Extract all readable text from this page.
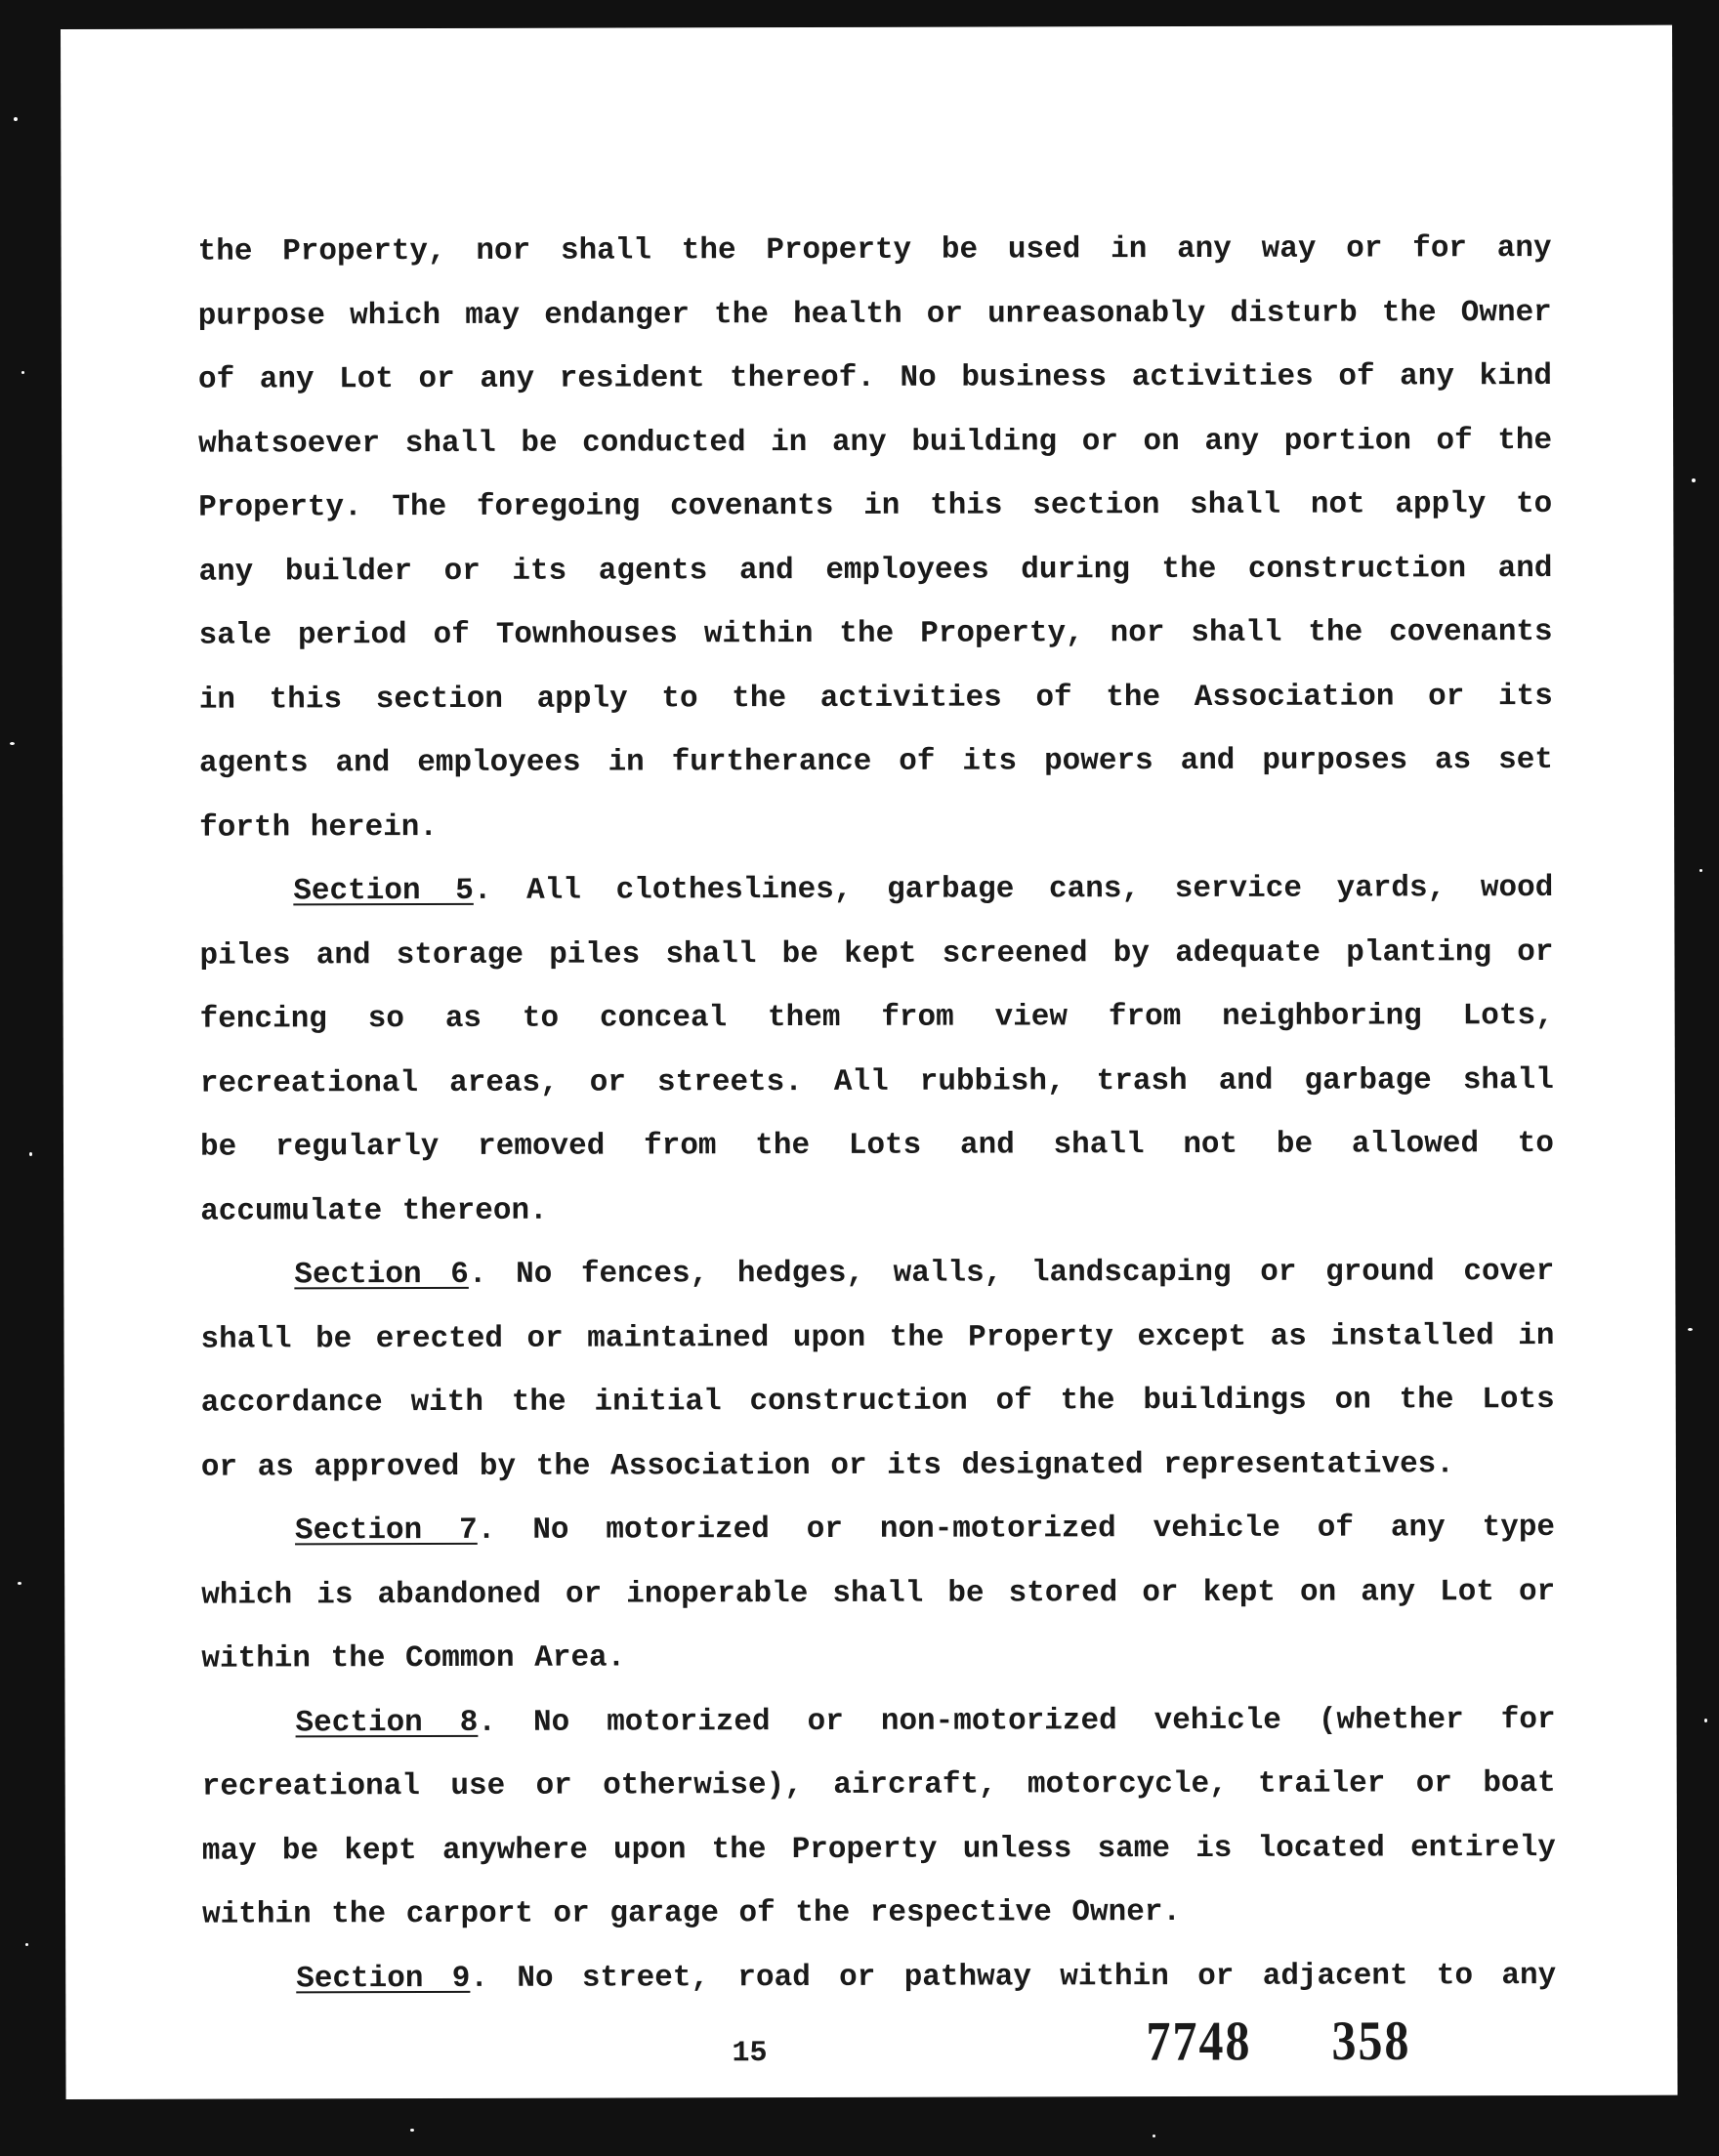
the Property, nor shall the Property be used in any way or for any
purpose which may endanger the health or unreasonably disturb the Owner
of any Lot or any resident thereof. No business activities of any kind
whatsoever shall be conducted in any building or on any portion of the
Property. The foregoing covenants in this section shall not apply to
any builder or its agents and employees during the construction and
sale period of Townhouses within the Property, nor shall the covenants
in this section apply to the activities of the Association or its
agents and employees in furtherance of its powers and purposes as set
forth herein.
Section 5. All clotheslines, garbage cans, service yards, wood
piles and storage piles shall be kept screened by adequate planting or
fencing so as to conceal them from view from neighboring Lots,
recreational areas, or streets. All rubbish, trash and garbage shall
be regularly removed from the Lots and shall not be allowed to
accumulate thereon.
Section 6. No fences, hedges, walls, landscaping or ground cover
shall be erected or maintained upon the Property except as installed in
accordance with the initial construction of the buildings on the Lots
or as approved by the Association or its designated representatives.
Section 7. No motorized or non-motorized vehicle of any type
which is abandoned or inoperable shall be stored or kept on any Lot or
within the Common Area.
Section 8. No motorized or non-motorized vehicle (whether for
recreational use or otherwise), aircraft, motorcycle, trailer or boat
may be kept anywhere upon the Property unless same is located entirely
within the carport or garage of the respective Owner.
Section 9. No street, road or pathway within or adjacent to any
15	7748 358
